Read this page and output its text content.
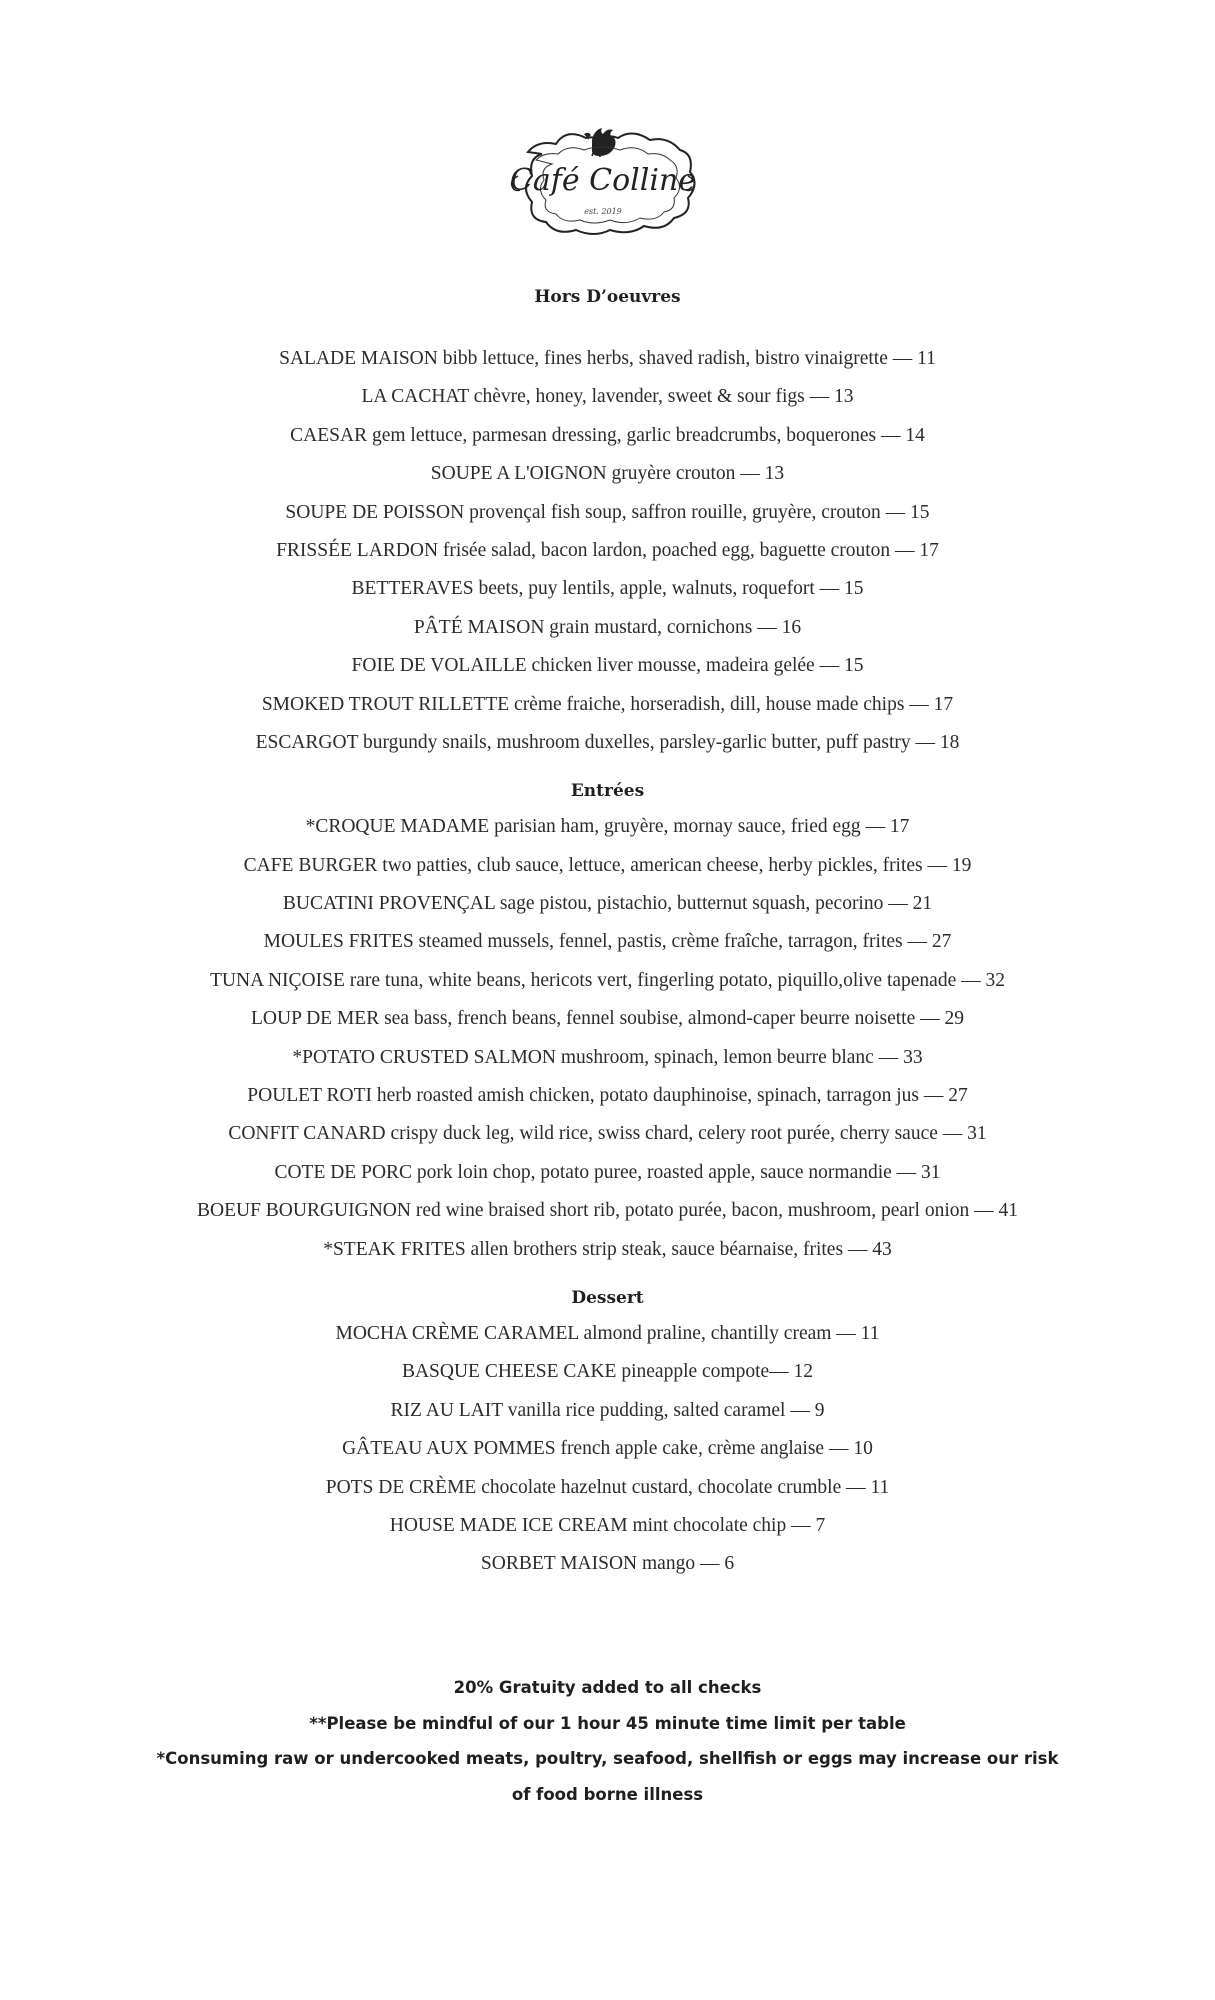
Café Colline
est. 2019
Hors D’oeuvres
SALADE MAISON bibb lettuce, fines herbs, shaved radish, bistro vinaigrette — 11
LA CACHAT chèvre, honey, lavender, sweet & sour figs — 13
CAESAR gem lettuce, parmesan dressing, garlic breadcrumbs, boquerones — 14
SOUPE A L'OIGNON gruyère crouton — 13
SOUPE DE POISSON provençal fish soup, saffron rouille, gruyère, crouton — 15
FRISSÉE LARDON frisée salad, bacon lardon, poached egg, baguette crouton — 17
BETTERAVES beets, puy lentils, apple, walnuts, roquefort — 15
PÂTÉ MAISON grain mustard, cornichons — 16
FOIE DE VOLAILLE chicken liver mousse, madeira gelée — 15
SMOKED TROUT RILLETTE crème fraiche, horseradish, dill, house made chips — 17
ESCARGOT burgundy snails, mushroom duxelles, parsley-garlic butter, puff pastry — 18
Entrées
*CROQUE MADAME parisian ham, gruyère, mornay sauce, fried egg — 17
CAFE BURGER two patties, club sauce, lettuce, american cheese, herby pickles, frites — 19
BUCATINI PROVENÇAL sage pistou, pistachio, butternut squash, pecorino — 21
MOULES FRITES steamed mussels, fennel, pastis, crème fraîche, tarragon, frites — 27
TUNA NIÇOISE rare tuna, white beans, hericots vert, fingerling potato, piquillo,olive tapenade — 32
LOUP DE MER sea bass, french beans, fennel soubise, almond-caper beurre noisette — 29
*POTATO CRUSTED SALMON mushroom, spinach, lemon beurre blanc — 33
POULET ROTI herb roasted amish chicken, potato dauphinoise, spinach, tarragon jus — 27
CONFIT CANARD crispy duck leg, wild rice, swiss chard, celery root purée, cherry sauce — 31
COTE DE PORC pork loin chop, potato puree, roasted apple, sauce normandie — 31
BOEUF BOURGUIGNON red wine braised short rib, potato purée, bacon, mushroom, pearl onion — 41
*STEAK FRITES allen brothers strip steak, sauce béarnaise, frites — 43
Dessert
MOCHA CRÈME CARAMEL almond praline, chantilly cream — 11
BASQUE CHEESE CAKE pineapple compote— 12
RIZ AU LAIT vanilla rice pudding, salted caramel — 9
GÂTEAU AUX POMMES french apple cake, crème anglaise — 10
POTS DE CRÈME chocolate hazelnut custard, chocolate crumble — 11
HOUSE MADE ICE CREAM mint chocolate chip — 7
SORBET MAISON mango — 6
20% Gratuity added to all checks
**Please be mindful of our 1 hour 45 minute time limit per table
*Consuming raw or undercooked meats, poultry, seafood, shellfish or eggs may increase our risk of food borne illness
